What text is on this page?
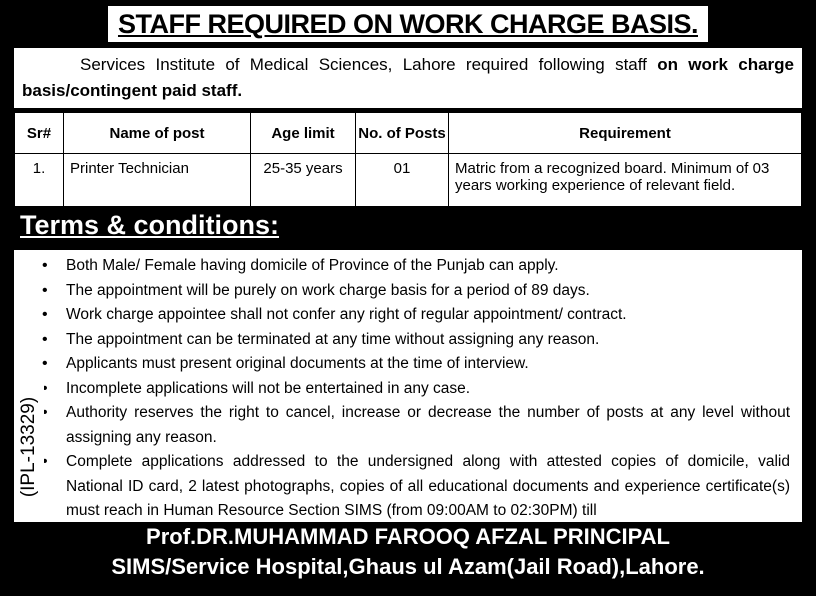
STAFF REQUIRED ON WORK CHARGE BASIS.

Services Institute of Medical Sciences, Lahore required following staff on work charge basis/contingent paid staff.

Sr#	Name of post	Age limit	No. of Posts	Requirement
1.	Printer Technician	25-35 years	01	Matric from a recognized board. Minimum of 03 years working experience of relevant field.
Terms & conditions:
• Both Male/ Female having domicile of Province of the Punjab can apply.
• The appointment will be purely on work charge basis for a period of 89 days.
• Work charge appointee shall not confer any right of regular appointment/ contract.
• The appointment can be terminated at any time without assigning any reason.
• Applicants must present original documents at the time of interview.
• Incomplete applications will not be entertained in any case.
• Authority reserves the right to cancel, increase or decrease the number of posts at any level without assigning any reason.
• Complete applications addressed to the undersigned along with attested copies of domicile, valid National ID card, 2 latest photographs, copies of all educational documents and experience certificate(s) must reach in Human Resource Section SIMS (from 09:00AM to 02:30PM) till
(IPL-13329)
Prof.DR.MUHAMMAD FAROOQ AFZAL PRINCIPAL
SIMS/Service Hospital,Ghaus ul Azam(Jail Road),Lahore.
